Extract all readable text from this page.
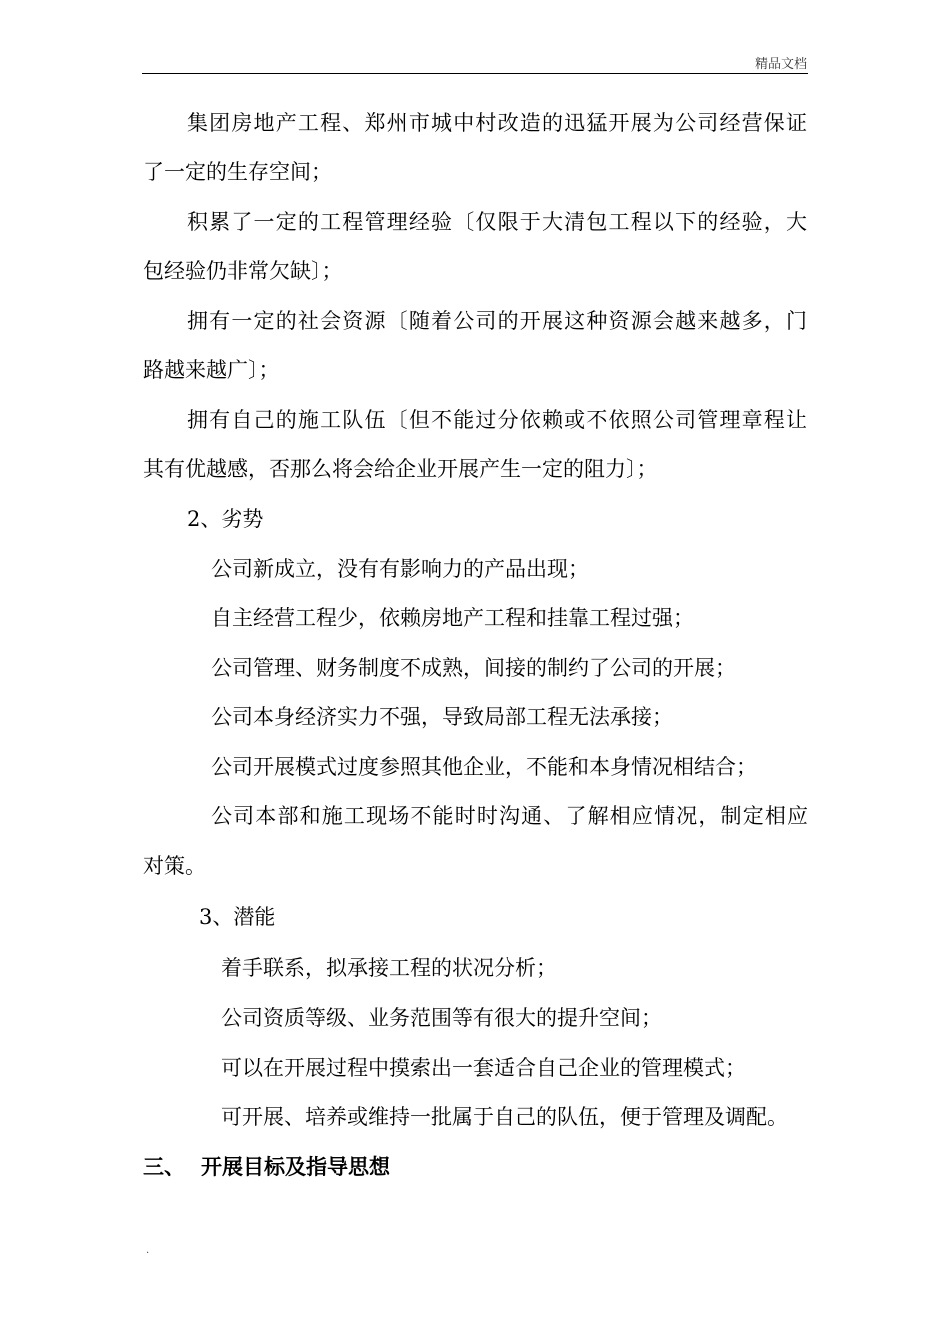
精品文档
集团房地产工程、郑州市城中村改造的迅猛开展为公司经营保证
了一定的生存空间；
积累了一定的工程管理经验〔仅限于大清包工程以下的经验，大
包经验仍非常欠缺〕；
拥有一定的社会资源〔随着公司的开展这种资源会越来越多，门
路越来越广〕；
拥有自己的施工队伍〔但不能过分依赖或不依照公司管理章程让
其有优越感，否那么将会给企业开展产生一定的阻力〕；
2、劣势
公司新成立，没有有影响力的产品出现；
自主经营工程少，依赖房地产工程和挂靠工程过强；
公司管理、财务制度不成熟，间接的制约了公司的开展；
公司本身经济实力不强，导致局部工程无法承接；
公司开展模式过度参照其他企业，不能和本身情况相结合；
公司本部和施工现场不能时时沟通、了解相应情况，制定相应
对策。
3、潜能
着手联系，拟承接工程的状况分析；
公司资质等级、业务范围等有很大的提升空间；
可以在开展过程中摸索出一套适合自己企业的管理模式；
可开展、培养或维持一批属于自己的队伍，便于管理及调配。
三、 开展目标及指导思想
.
